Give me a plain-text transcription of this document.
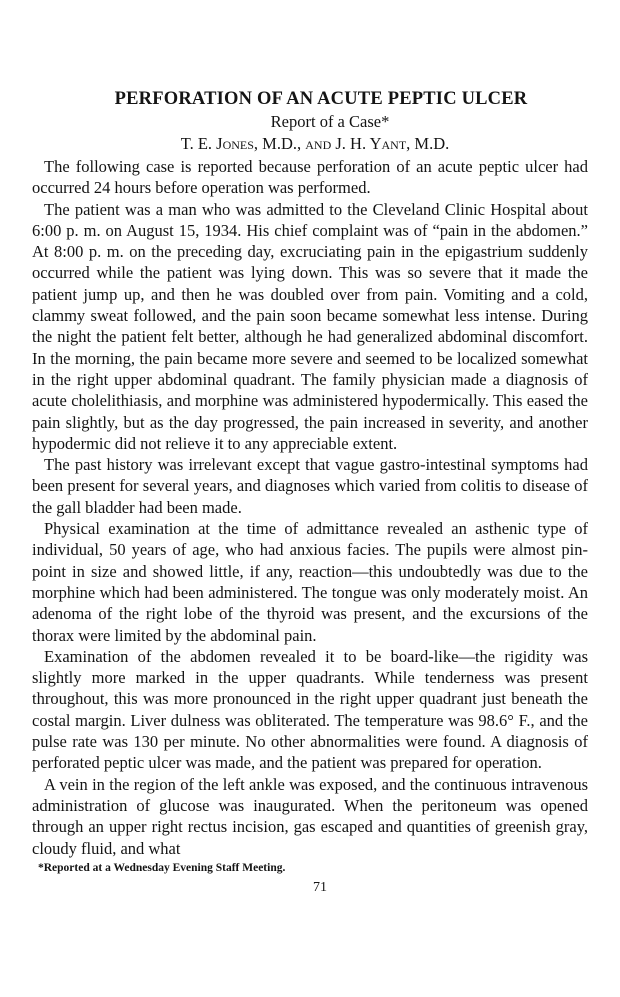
PERFORATION OF AN ACUTE PEPTIC ULCER
Report of a Case*
T. E. Jones, M.D., and J. H. Yant, M.D.

The following case is reported because perforation of an acute peptic ulcer had occurred 24 hours before operation was performed.

The patient was a man who was admitted to the Cleveland Clinic Hospital about 6:00 p. m. on August 15, 1934. His chief complaint was of “pain in the abdomen.” At 8:00 p. m. on the preceding day, excruciating pain in the epigastrium suddenly occurred while the patient was lying down. This was so severe that it made the patient jump up, and then he was doubled over from pain. Vomiting and a cold, clammy sweat followed, and the pain soon became somewhat less intense. During the night the patient felt better, although he had generalized abdominal discomfort. In the morning, the pain became more severe and seemed to be localized somewhat in the right upper abdominal quadrant. The family physician made a diagnosis of acute cholelithiasis, and morphine was administered hypodermically. This eased the pain slightly, but as the day progressed, the pain increased in severity, and another hypodermic did not relieve it to any appreciable extent.

The past history was irrelevant except that vague gastro-intestinal symptoms had been present for several years, and diagnoses which varied from colitis to disease of the gall bladder had been made.

Physical examination at the time of admittance revealed an asthenic type of individual, 50 years of age, who had anxious facies. The pupils were almost pin-point in size and showed little, if any, reaction—this undoubtedly was due to the morphine which had been administered. The tongue was only moderately moist. An adenoma of the right lobe of the thyroid was present, and the excursions of the thorax were limited by the abdominal pain.

Examination of the abdomen revealed it to be board-like—the rigidity was slightly more marked in the upper quadrants. While tenderness was present throughout, this was more pronounced in the right upper quadrant just beneath the costal margin. Liver dulness was obliterated. The temperature was 98.6° F., and the pulse rate was 130 per minute. No other abnormalities were found. A diagnosis of perforated peptic ulcer was made, and the patient was prepared for operation.

A vein in the region of the left ankle was exposed, and the continuous intravenous administration of glucose was inaugurated. When the peritoneum was opened through an upper right rectus incision, gas escaped and quantities of greenish gray, cloudy fluid, and what

*Reported at a Wednesday Evening Staff Meeting.
71
